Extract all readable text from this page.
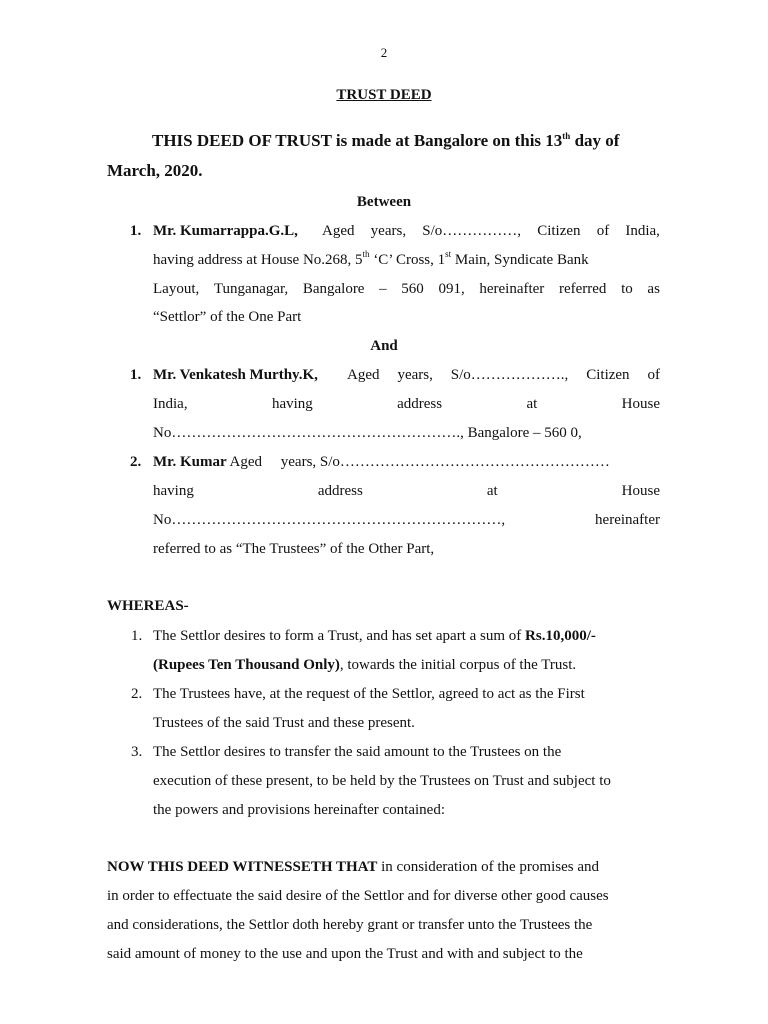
2
TRUST DEED
THIS DEED OF TRUST is made at Bangalore on this 13th day of
March, 2020.
Between
1. Mr. Kumarrappa.G.L, Aged years, S/o……………, Citizen of India,
having address at House No.268, 5th ‘C’ Cross, 1st Main, Syndicate Bank
Layout, Tunganagar, Bangalore – 560 091, hereinafter referred to as
“Settlor” of the One Part
And
1. Mr. Venkatesh Murthy.K, Aged years, S/o………………., Citizen of
India,	having	address	at	House
No…………………………………………………., Bangalore – 560 0,
2. Mr. Kumar Aged     years, S/o………………………………………………
having	address	at	House
No…………………………………………………………,	hereinafter
referred to as “The Trustees” of the Other Part,
WHEREAS-
1. The Settlor desires to form a Trust, and has set apart a sum of Rs.10,000/-
(Rupees Ten Thousand Only), towards the initial corpus of the Trust.
2. The Trustees have, at the request of the Settlor, agreed to act as the First
Trustees of the said Trust and these present.
3. The Settlor desires to transfer the said amount to the Trustees on the
execution of these present, to be held by the Trustees on Trust and subject to
the powers and provisions hereinafter contained:
NOW THIS DEED WITNESSETH THAT in consideration of the promises and
in order to effectuate the said desire of the Settlor and for diverse other good causes
and considerations, the Settlor doth hereby grant or transfer unto the Trustees the
said amount of money to the use and upon the Trust and with and subject to the
